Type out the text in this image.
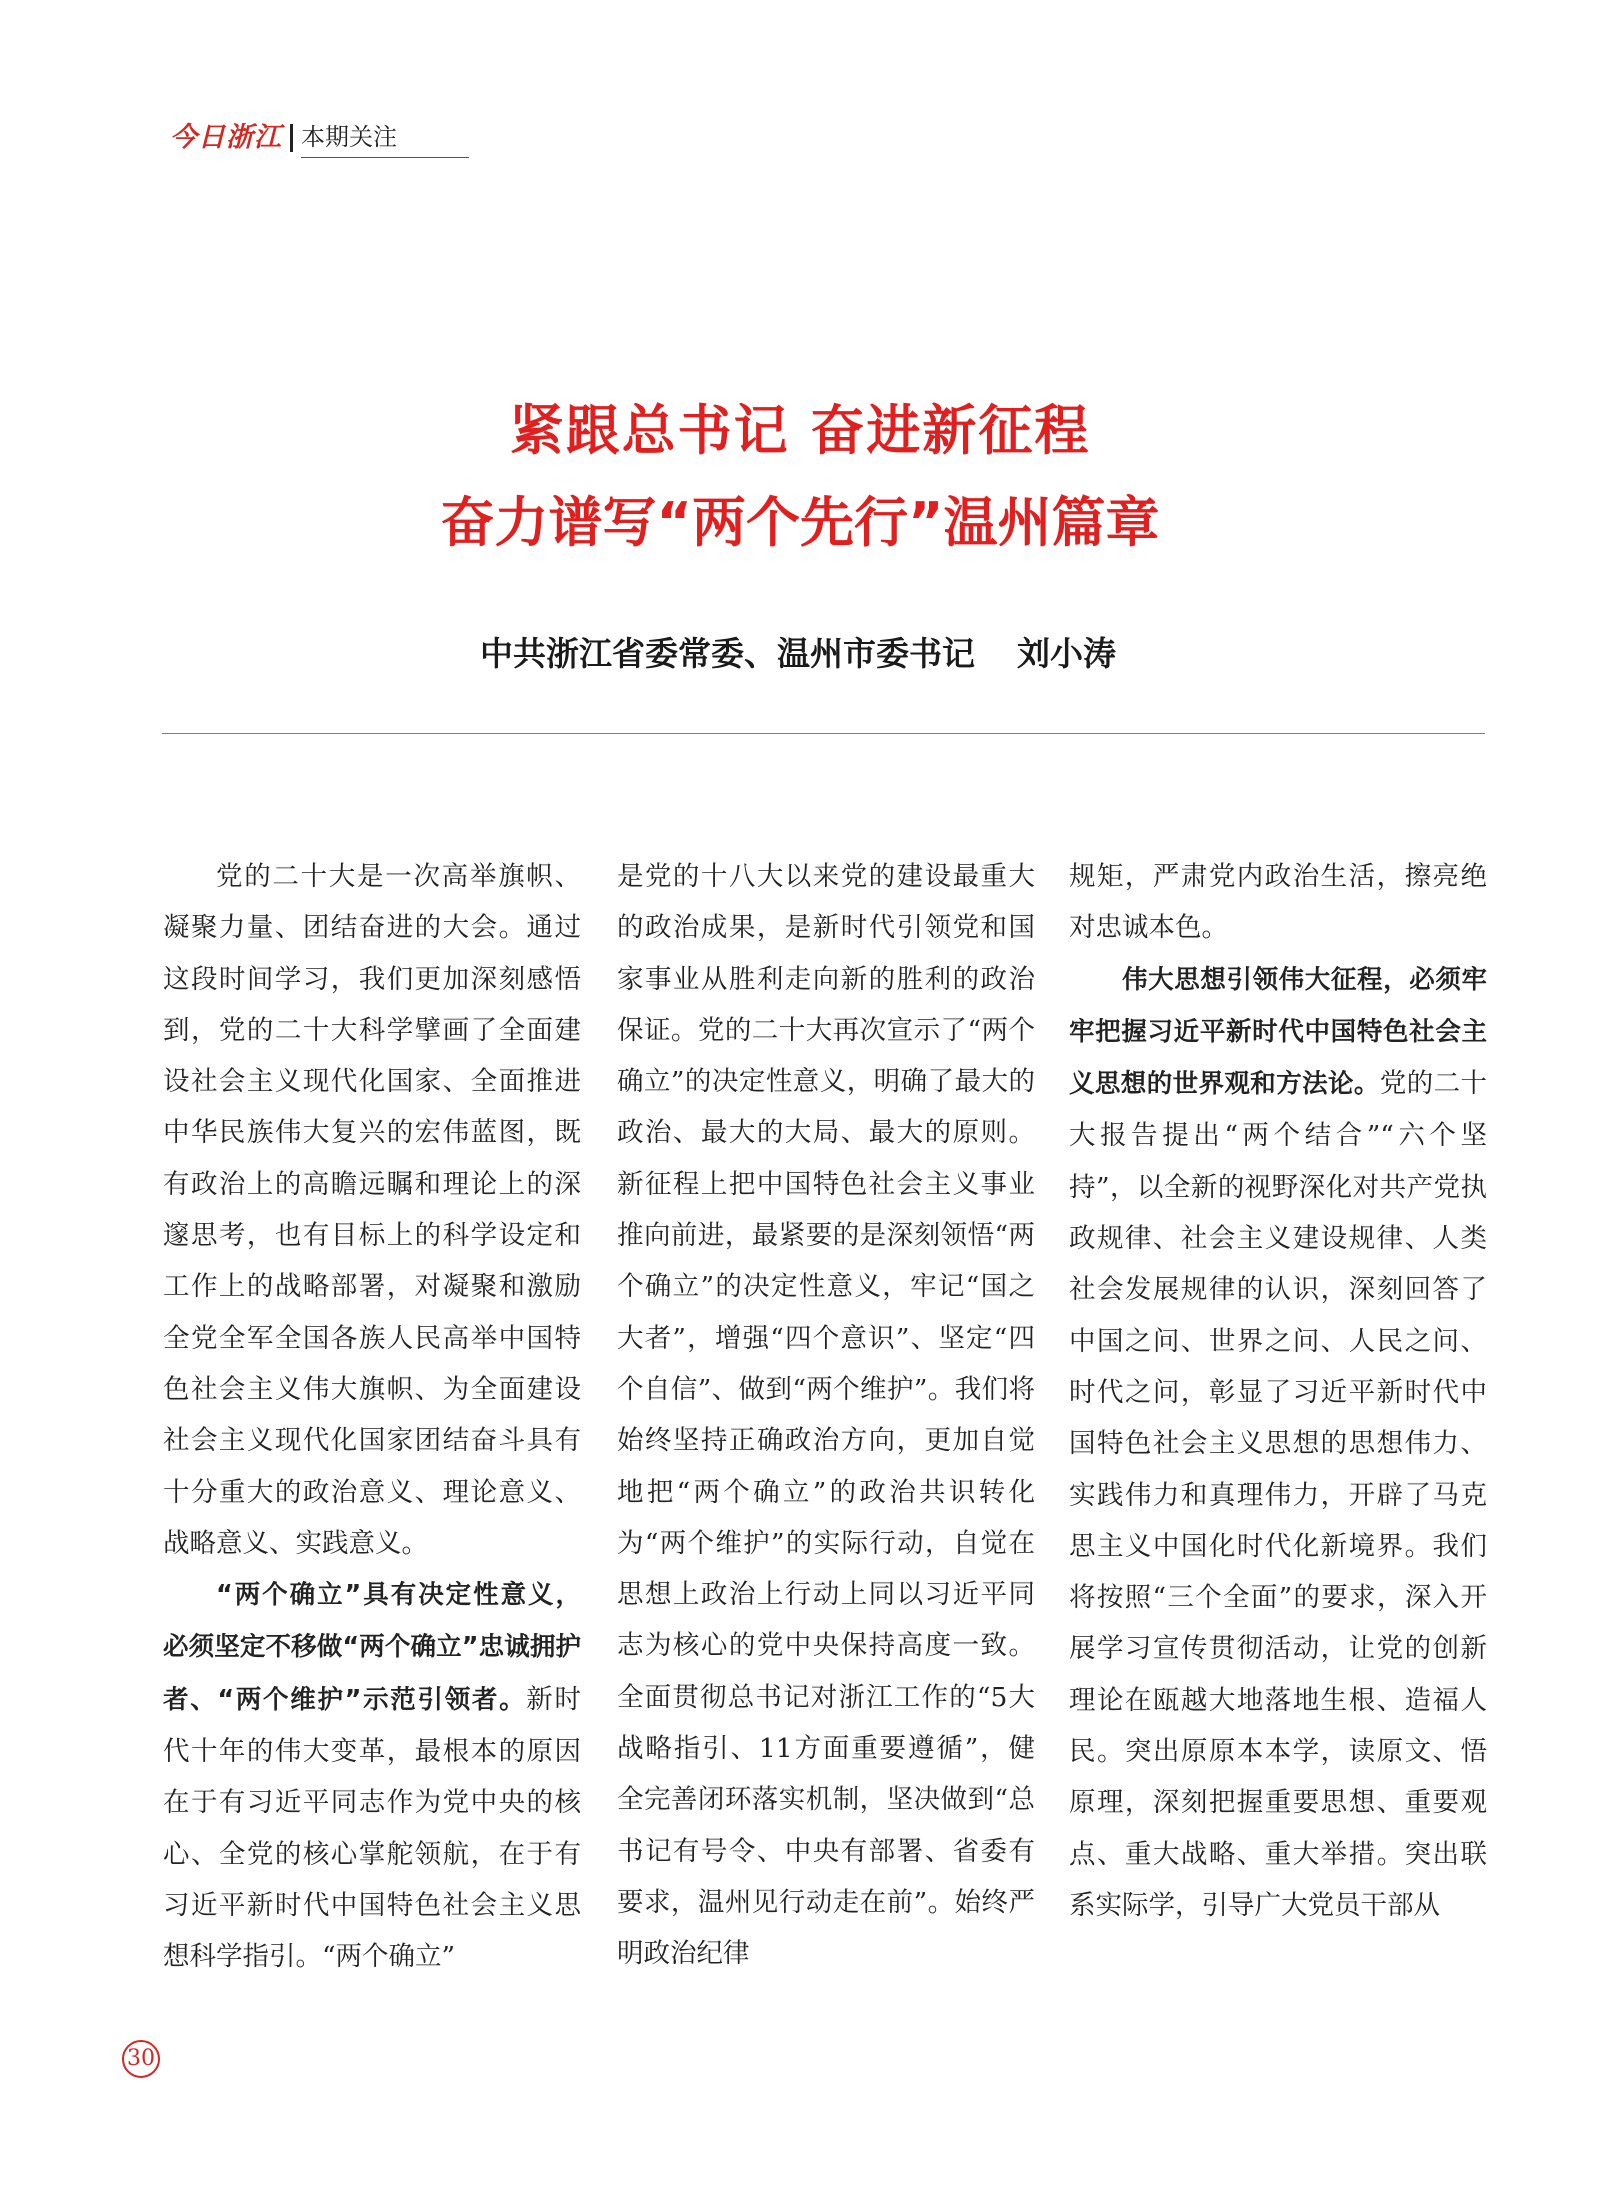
今日浙江 本期关注
紧跟总书记 奋进新征程
奋力谱写“两个先行”温州篇章
中共浙江省委常委、温州市委书记 刘小涛

党的二十大是一次高举旗帜、凝聚力量、团结奋进的大会。通过这段时间学习，我们更加深刻感悟到，党的二十大科学擘画了全面建设社会主义现代化国家、全面推进中华民族伟大复兴的宏伟蓝图，既有政治上的高瞻远瞩和理论上的深邃思考，也有目标上的科学设定和工作上的战略部署，对凝聚和激励全党全军全国各族人民高举中国特色社会主义伟大旗帜、为全面建设社会主义现代化国家团结奋斗具有十分重大的政治意义、理论意义、战略意义、实践意义。

“两个确立”具有决定性意义，必须坚定不移做“两个确立”忠诚拥护者、“两个维护”示范引领者。新时代十年的伟大变革，最根本的原因在于有习近平同志作为党中央的核心、全党的核心掌舵领航，在于有习近平新时代中国特色社会主义思想科学指引。“两个确立”

是党的十八大以来党的建设最重大的政治成果，是新时代引领党和国家事业从胜利走向新的胜利的政治保证。党的二十大再次宣示了“两个确立”的决定性意义，明确了最大的政治、最大的大局、最大的原则。新征程上把中国特色社会主义事业推向前进，最紧要的是深刻领悟“两个确立”的决定性意义，牢记“国之大者”，增强“四个意识”、坚定“四个自信”、做到“两个维护”。我们将始终坚持正确政治方向，更加自觉地把“两个确立”的政治共识转化为“两个维护”的实际行动，自觉在思想上政治上行动上同以习近平同志为核心的党中央保持高度一致。全面贯彻总书记对浙江工作的“5大战略指引、11方面重要遵循”，健全完善闭环落实机制，坚决做到“总书记有号令、中央有部署、省委有要求，温州见行动走在前”。始终严明政治纪律

规矩，严肃党内政治生活，擦亮绝对忠诚本色。

伟大思想引领伟大征程，必须牢牢把握习近平新时代中国特色社会主义思想的世界观和方法论。党的二十大报告提出“两个结合”“六个坚持”，以全新的视野深化对共产党执政规律、社会主义建设规律、人类社会发展规律的认识，深刻回答了中国之问、世界之问、人民之问、时代之问，彰显了习近平新时代中国特色社会主义思想的思想伟力、实践伟力和真理伟力，开辟了马克思主义中国化时代化新境界。我们将按照“三个全面”的要求，深入开展学习宣传贯彻活动，让党的创新理论在瓯越大地落地生根、造福人民。突出原原本本学，读原文、悟原理，深刻把握重要思想、重要观点、重大战略、重大举措。突出联系实际学，引导广大党员干部从

30
